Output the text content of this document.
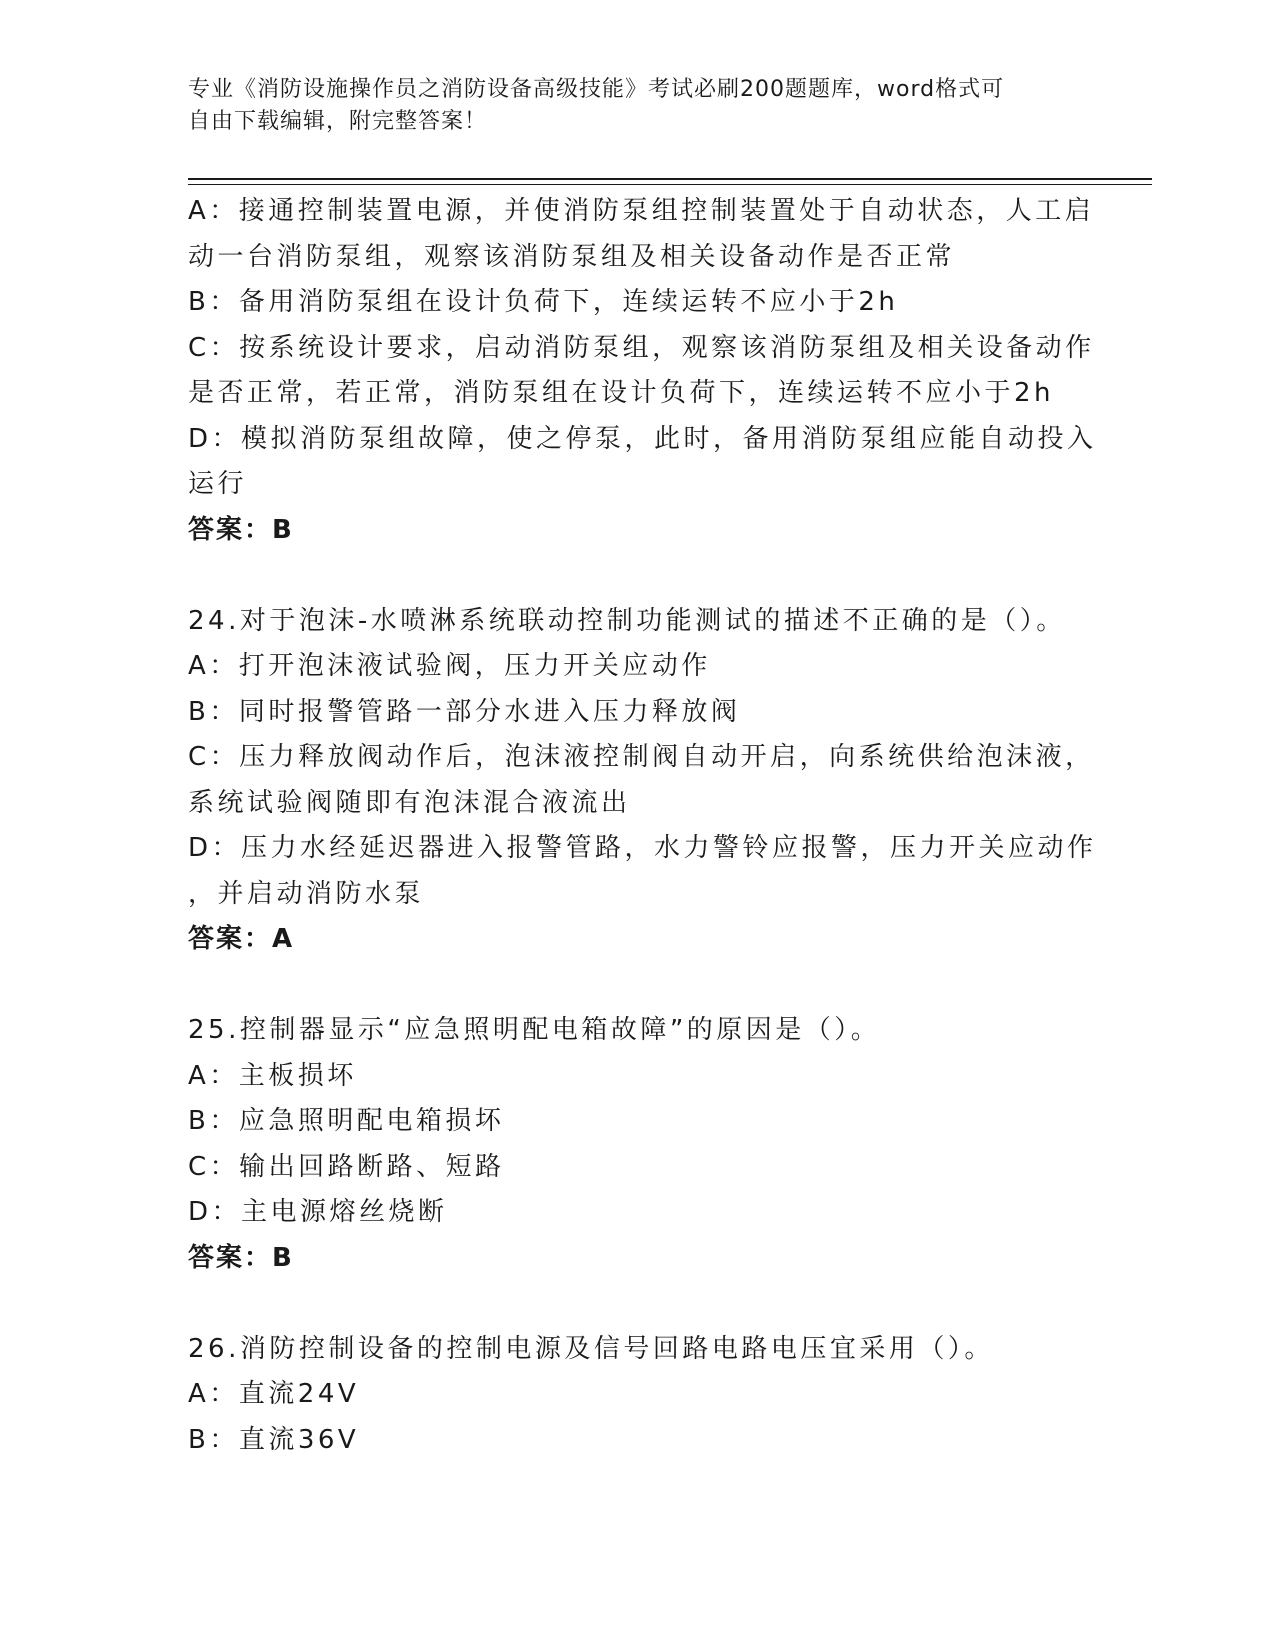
专业《消防设施操作员之消防设备高级技能》考试必刷200题题库，word格式可
自由下载编辑，附完整答案！
A：接通控制装置电源，并使消防泵组控制装置处于自动状态，人工启
动一台消防泵组，观察该消防泵组及相关设备动作是否正常
B：备用消防泵组在设计负荷下，连续运转不应小于2h
C：按系统设计要求，启动消防泵组，观察该消防泵组及相关设备动作
是否正常，若正常，消防泵组在设计负荷下，连续运转不应小于2h
D：模拟消防泵组故障，使之停泵，此时，备用消防泵组应能自动投入
运行
答案：B
24.对于泡沫-水喷淋系统联动控制功能测试的描述不正确的是（）。
A：打开泡沫液试验阀，压力开关应动作
B：同时报警管路一部分水进入压力释放阀
C：压力释放阀动作后，泡沫液控制阀自动开启，向系统供给泡沫液，
系统试验阀随即有泡沫混合液流出
D：压力水经延迟器进入报警管路，水力警铃应报警，压力开关应动作
，并启动消防水泵
答案：A
25.控制器显示“应急照明配电箱故障”的原因是（）。
A：主板损坏
B：应急照明配电箱损坏
C：输出回路断路、短路
D：主电源熔丝烧断
答案：B
26.消防控制设备的控制电源及信号回路电路电压宜采用（）。
A：直流24V
B：直流36V
